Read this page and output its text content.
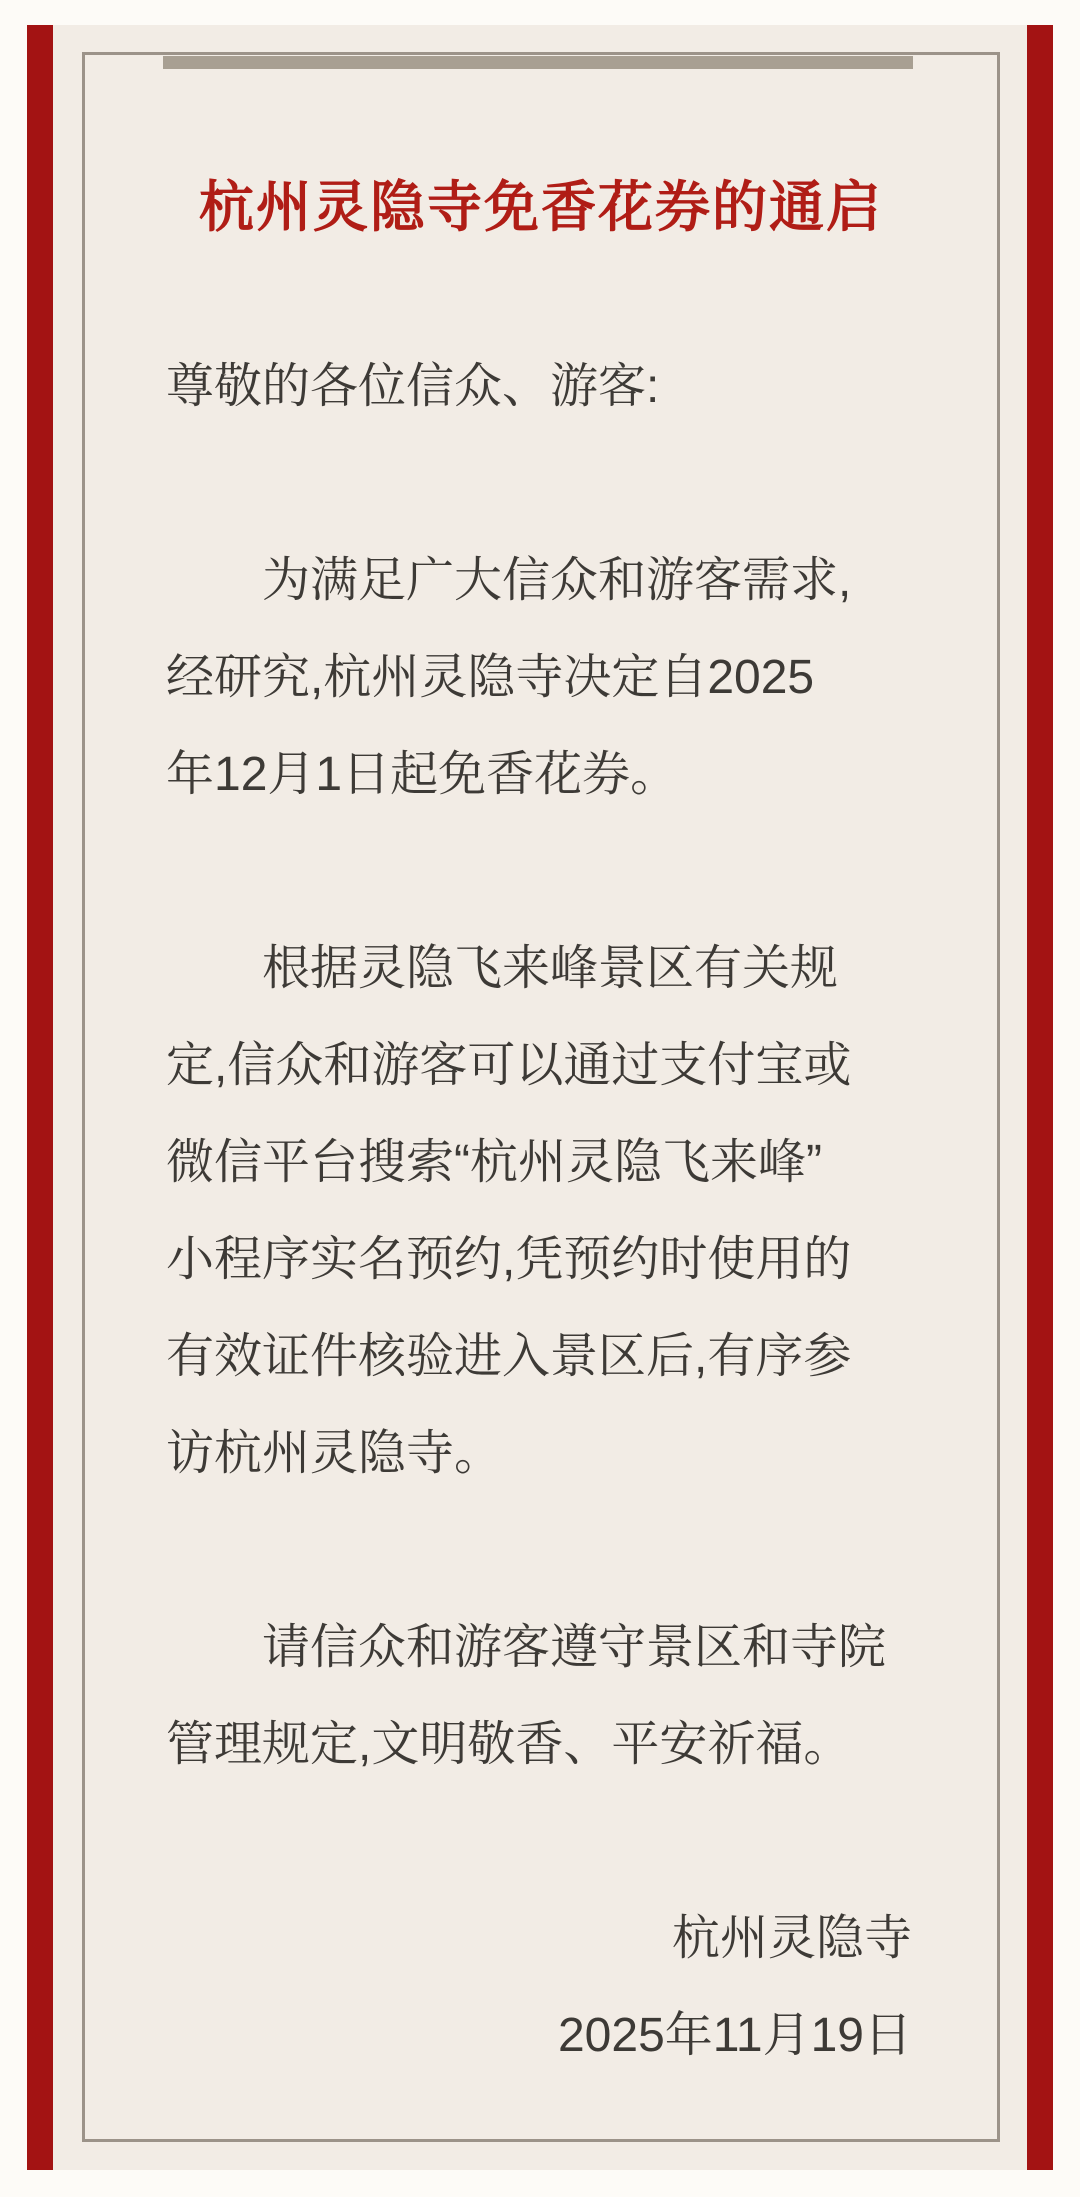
杭州灵隐寺免香花券的通启
尊敬的各位信众、游客:
为满足广大信众和游客需求,
经研究,杭州灵隐寺决定自2025
年12月1日起免香花券。
根据灵隐飞来峰景区有关规
定,信众和游客可以通过支付宝或
微信平台搜索“杭州灵隐飞来峰”
小程序实名预约,凭预约时使用的
有效证件核验进入景区后,有序参
访杭州灵隐寺。
请信众和游客遵守景区和寺院
管理规定,文明敬香、平安祈福。
杭州灵隐寺
2025年11月19日
